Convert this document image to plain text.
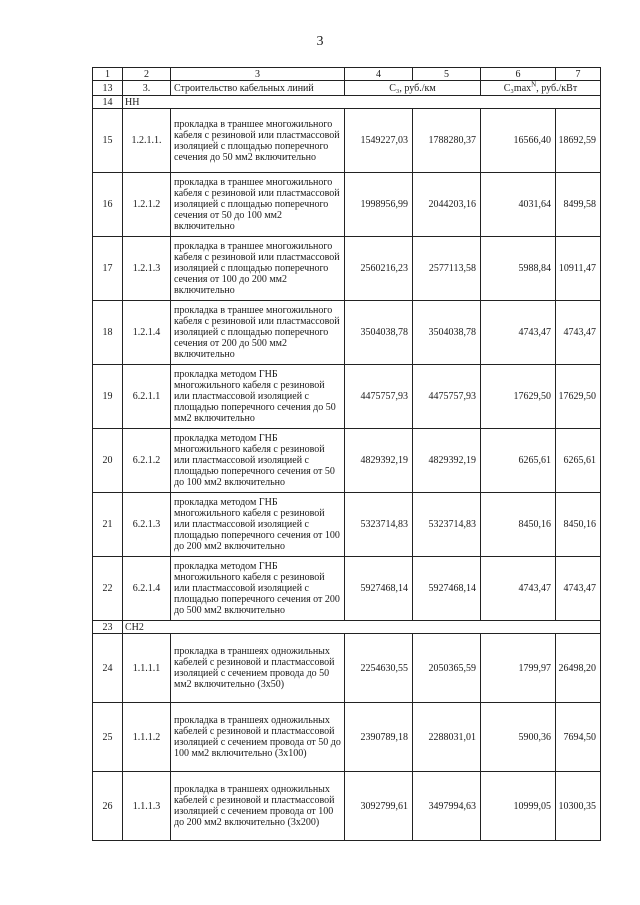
3
1	2	3	4	5	6	7
13	3.	Строительство кабельных линий	C₃, руб./км		$C_3\max^N$, руб./кВт	
14	НН					
15	1.2.1.1.	прокладка в траншее многожильного кабеля с резиновой или пластмассовой изоляцией с площадью поперечного сечения до 50 мм2 включительно	1549227,03	1788280,37	16566,40	18692,59
16	1.2.1.2	прокладка в траншее многожильного кабеля с резиновой или пластмассовой изоляцией с площадью поперечного сечения от 50 до 100 мм2 включительно	1998956,99	2044203,16	4031,64	8499,58
17	1.2.1.3	прокладка в траншее многожильного кабеля с резиновой или пластмассовой изоляцией с площадью поперечного сечения от 100 до 200 мм2 включительно	2560216,23	2577113,58	5988,84	10911,47
18	1.2.1.4	прокладка в траншее многожильного кабеля с резиновой или пластмассовой изоляцией с площадью поперечного сечения от 200 до 500 мм2 включительно	3504038,78	3504038,78	4743,47	4743,47
19	6.2.1.1	прокладка методом ГНБ многожильного кабеля с резиновой или пластмассовой изоляцией с площадью поперечного сечения до 50 мм2 включительно	4475757,93	4475757,93	17629,50	17629,50
20	6.2.1.2	прокладка методом ГНБ многожильного кабеля с резиновой или пластмассовой изоляцией с площадью поперечного сечения от 50 до 100 мм2 включительно	4829392,19	4829392,19	6265,61	6265,61
21	6.2.1.3	прокладка методом ГНБ многожильного кабеля с резиновой или пластмассовой изоляцией с площадью поперечного сечения от 100 до 200 мм2 включительно	5323714,83	5323714,83	8450,16	8450,16
22	6.2.1.4	прокладка методом ГНБ многожильного кабеля с резиновой или пластмассовой изоляцией с площадью поперечного сечения от 200 до 500 мм2 включительно	5927468,14	5927468,14	4743,47	4743,47
23	СН2					
24	1.1.1.1	прокладка в траншеях одножильных кабелей с резиновой и пластмассовой изоляцией с сечением провода до 50 мм2 включительно (3х50)	2254630,55	2050365,59	1799,97	26498,20
25	1.1.1.2	прокладка в траншеях одножильных кабелей с резиновой и пластмассовой изоляцией с сечением провода от 50 до 100 мм2 включительно (3х100)	2390789,18	2288031,01	5900,36	7694,50
26	1.1.1.3	прокладка в траншеях одножильных кабелей с резиновой и пластмассовой изоляцией с сечением провода от 100 до 200 мм2 включительно (3х200)	3092799,61	3497994,63	10999,05	10300,35
